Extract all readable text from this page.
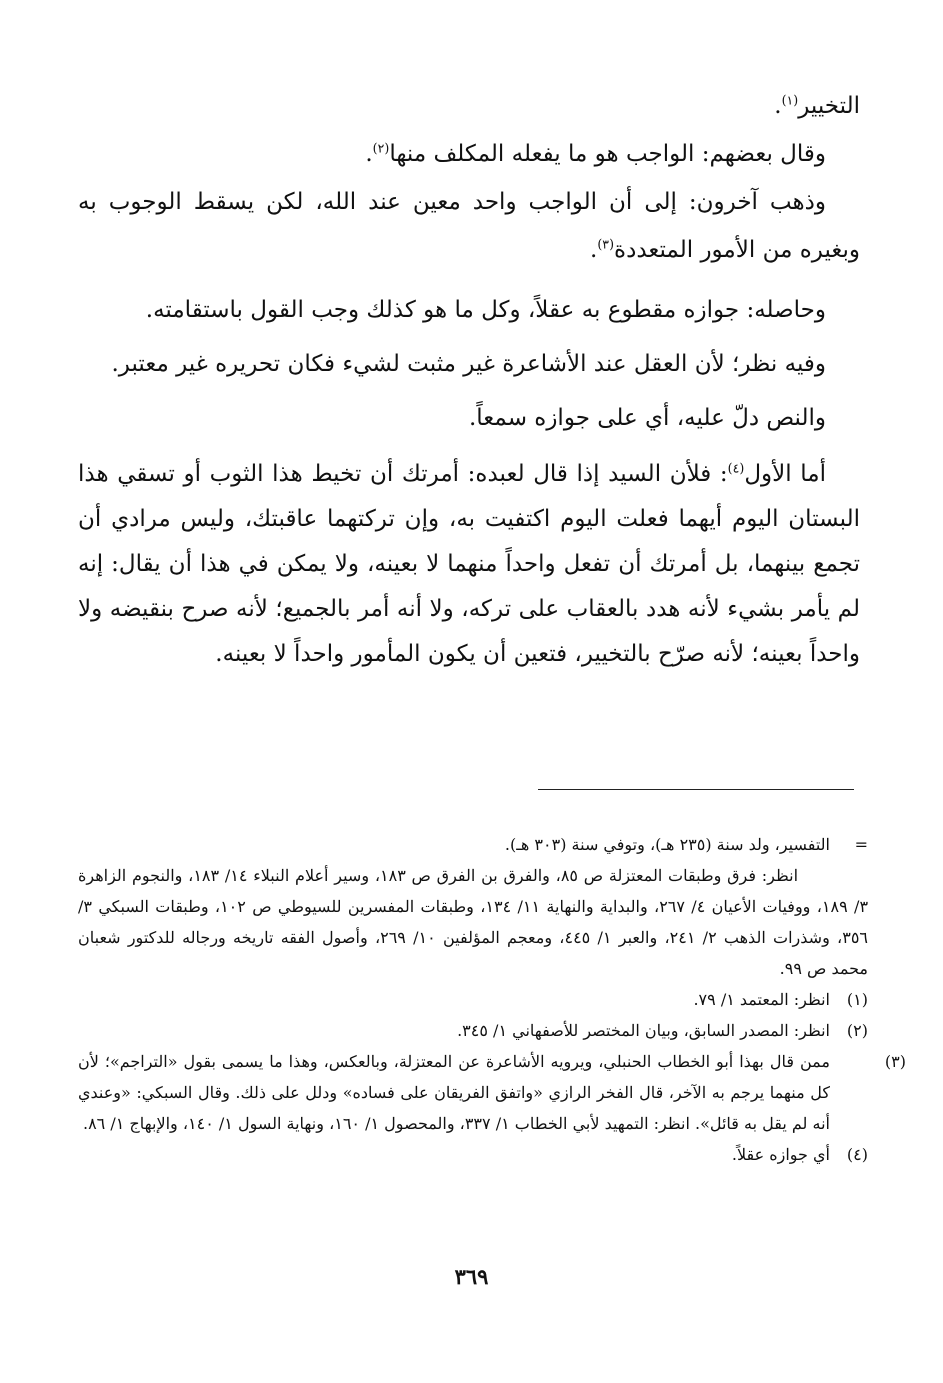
التخيير$^{(١)}$.

وقال بعضهم: الواجب هو ما يفعله المكلف منها$^{(٢)}$.

وذهب آخرون: إلى أن الواجب واحد معين عند الله، لكن يسقط الوجوب به

وبغيره من الأمور المتعددة$^{(٣)}$.

وحاصله: جوازه مقطوع به عقلاً، وكل ما هو كذلك وجب القول باستقامته.

وفيه نظر؛ لأن العقل عند الأشاعرة غير مثبت لشيء فكان تحريره غير معتبر.

والنص دلّ عليه، أي على جوازه سمعاً.

أما الأول$^{(٤)}$: فلأن السيد إذا قال لعبده: أمرتك أن تخيط هذا الثوب أو تسقي هذا البستان اليوم أيهما فعلت اليوم اكتفيت به، وإن تركتهما عاقبتك، وليس مرادي أن تجمع بينهما، بل أمرتك أن تفعل واحداً منهما لا بعينه، ولا يمكن في هذا أن يقال: إنه لم يأمر بشيء لأنه هدد بالعقاب على تركه، ولا أنه أمر بالجميع؛ لأنه صرح بنقيضه ولا واحداً بعينه؛ لأنه صرّح بالتخيير، فتعين أن يكون المأمور واحداً لا بعينه.

=التفسير، ولد سنة (٢٣٥ هـ)، وتوفي سنة (٣٠٣ هـ).

انظر: فرق وطبقات المعتزلة ص ٨٥، والفرق بن الفرق ص ١٨٣، وسير أعلام النبلاء ١٤/ ١٨٣، والنجوم الزاهرة ٣/ ١٨٩، ووفيات الأعيان ٤/ ٢٦٧، والبداية والنهاية ١١/ ١٣٤، وطبقات المفسرين للسيوطي ص ١٠٢، وطبقات السبكي ٣/ ٣٥٦، وشذرات الذهب ٢/ ٢٤١، والعبر ١/ ٤٤٥، ومعجم المؤلفين ١٠/ ٢٦٩، وأصول الفقه تاريخه ورجاله للدكتور شعبان محمد ص ٩٩.

(١)انظر: المعتمد ١/ ٧٩.

(٢)انظر: المصدر السابق، وبيان المختصر للأصفهاني ١/ ٣٤٥.

(٣)ممن قال بهذا أبو الخطاب الحنبلي، ويرويه الأشاعرة عن المعتزلة، وبالعكس، وهذا ما يسمى بقول «التراجم»؛ لأن كل منهما يرجم به الآخر، قال الفخر الرازي «واتفق الفريقان على فساده» ودلل على ذلك. وقال السبكي: «وعندي أنه لم يقل به قائل». انظر: التمهيد لأبي الخطاب ١/ ٣٣٧، والمحصول ١/ ١٦٠، ونهاية السول ١/ ١٤٠، والإبهاج ١/ ٨٦.

(٤)أي جوازه عقلاً.

٣٦٩
